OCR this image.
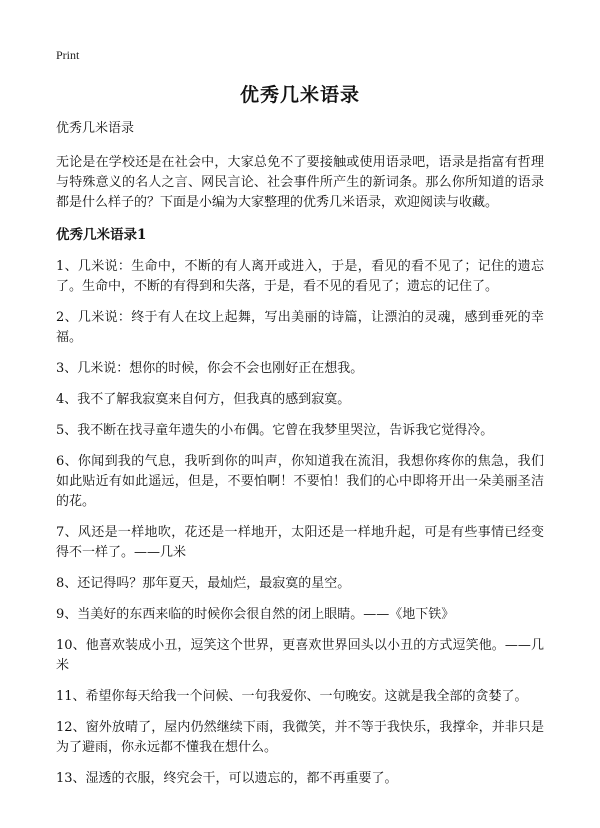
Print
优秀几米语录
优秀几米语录

无论是在学校还是在社会中，大家总免不了要接触或使用语录吧，语录是指富有哲理与特殊意义的名人之言、网民言论、社会事件所产生的新词条。那么你所知道的语录都是什么样子的？下面是小编为大家整理的优秀几米语录，欢迎阅读与收藏。

优秀几米语录1
1、几米说：生命中，不断的有人离开或进入，于是，看见的看不见了；记住的遗忘了。生命中，不断的有得到和失落，于是，看不见的看见了；遗忘的记住了。
2、几米说：终于有人在坟上起舞，写出美丽的诗篇，让漂泊的灵魂，感到垂死的幸福。
3、几米说：想你的时候，你会不会也刚好正在想我。
4、我不了解我寂寞来自何方，但我真的感到寂寞。
5、我不断在找寻童年遗失的小布偶。它曾在我梦里哭泣，告诉我它觉得冷。
6、你闻到我的气息，我听到你的叫声，你知道我在流泪，我想你疼你的焦急，我们如此贴近有如此遥远，但是，不要怕啊！不要怕！我们的心中即将开出一朵美丽圣洁的花。
7、风还是一样地吹，花还是一样地开，太阳还是一样地升起，可是有些事情已经变得不一样了。——几米
8、还记得吗？那年夏天，最灿烂，最寂寞的星空。
9、当美好的东西来临的时候你会很自然的闭上眼睛。——《地下铁》
10、他喜欢装成小丑，逗笑这个世界，更喜欢世界回头以小丑的方式逗笑他。——几米
11、希望你每天给我一个问候、一句我爱你、一句晚安。这就是我全部的贪婪了。
12、窗外放晴了，屋内仍然继续下雨，我微笑，并不等于我快乐，我撑伞，并非只是为了避雨，你永远都不懂我在想什么。
13、湿透的衣服，终究会干，可以遗忘的，都不再重要了。
